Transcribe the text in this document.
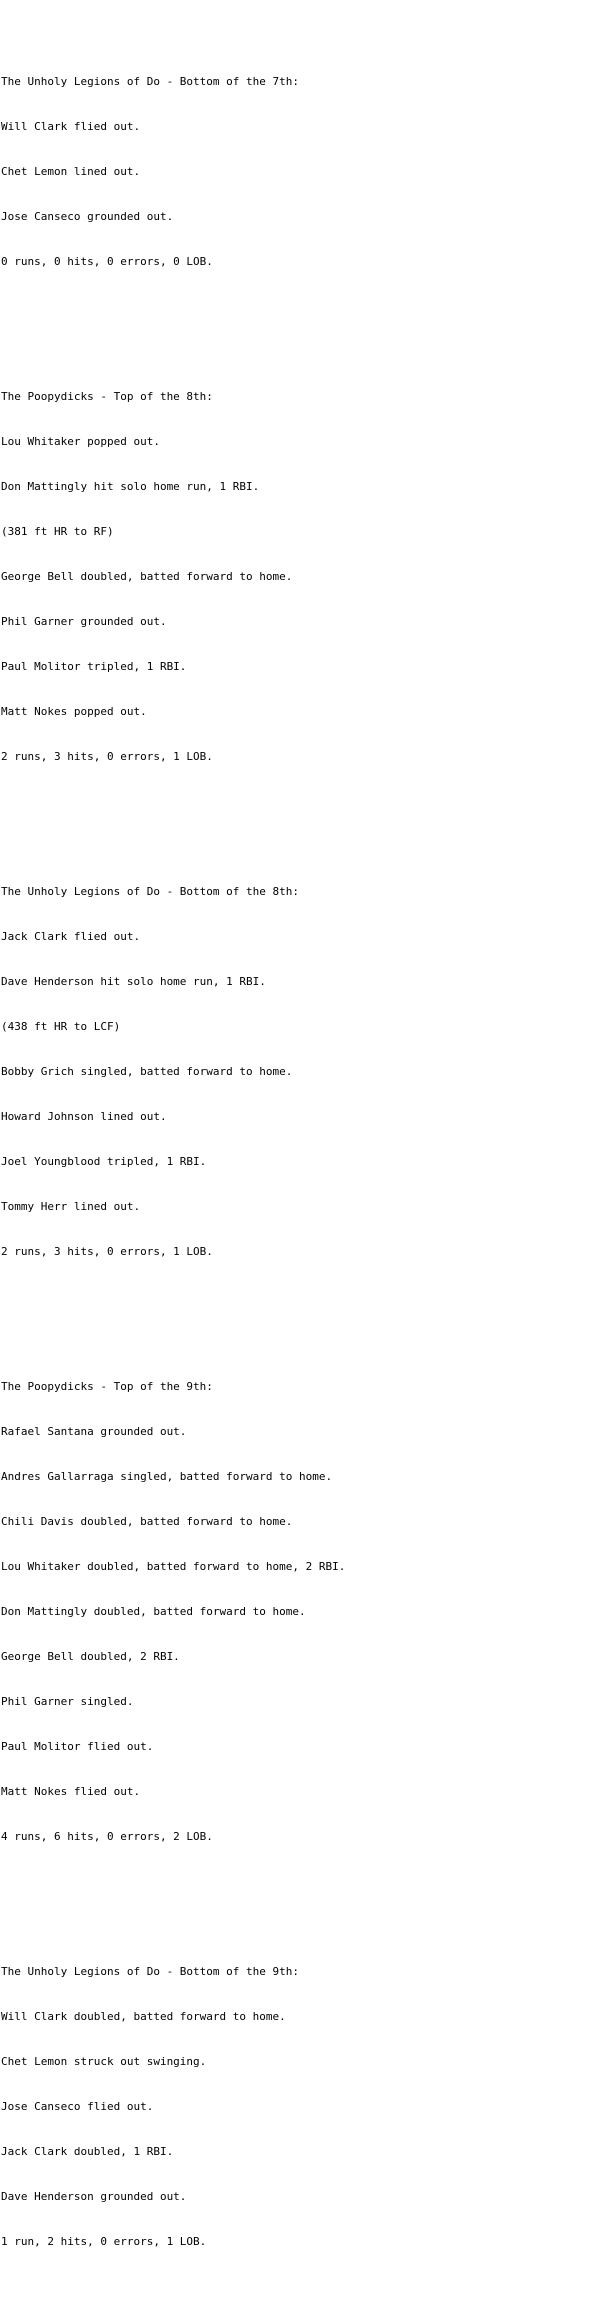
The Unholy Legions of Do - Bottom of the 7th:

Will Clark flied out.

Chet Lemon lined out.

Jose Canseco grounded out.

0 runs, 0 hits, 0 errors, 0 LOB.

The Poopydicks - Top of the 8th:

Lou Whitaker popped out.

Don Mattingly hit solo home run, 1 RBI.

(381 ft HR to RF)

George Bell doubled, batted forward to home.

Phil Garner grounded out.

Paul Molitor tripled, 1 RBI.

Matt Nokes popped out.

2 runs, 3 hits, 0 errors, 1 LOB.

The Unholy Legions of Do - Bottom of the 8th:

Jack Clark flied out.

Dave Henderson hit solo home run, 1 RBI.

(438 ft HR to LCF)

Bobby Grich singled, batted forward to home.

Howard Johnson lined out.

Joel Youngblood tripled, 1 RBI.

Tommy Herr lined out.

2 runs, 3 hits, 0 errors, 1 LOB.

The Poopydicks - Top of the 9th:

Rafael Santana grounded out.

Andres Gallarraga singled, batted forward to home.

Chili Davis doubled, batted forward to home.

Lou Whitaker doubled, batted forward to home, 2 RBI.

Don Mattingly doubled, batted forward to home.

George Bell doubled, 2 RBI.

Phil Garner singled.

Paul Molitor flied out.

Matt Nokes flied out.

4 runs, 6 hits, 0 errors, 2 LOB.

The Unholy Legions of Do - Bottom of the 9th:

Will Clark doubled, batted forward to home.

Chet Lemon struck out swinging.

Jose Canseco flied out.

Jack Clark doubled, 1 RBI.

Dave Henderson grounded out.

1 run, 2 hits, 0 errors, 1 LOB.
